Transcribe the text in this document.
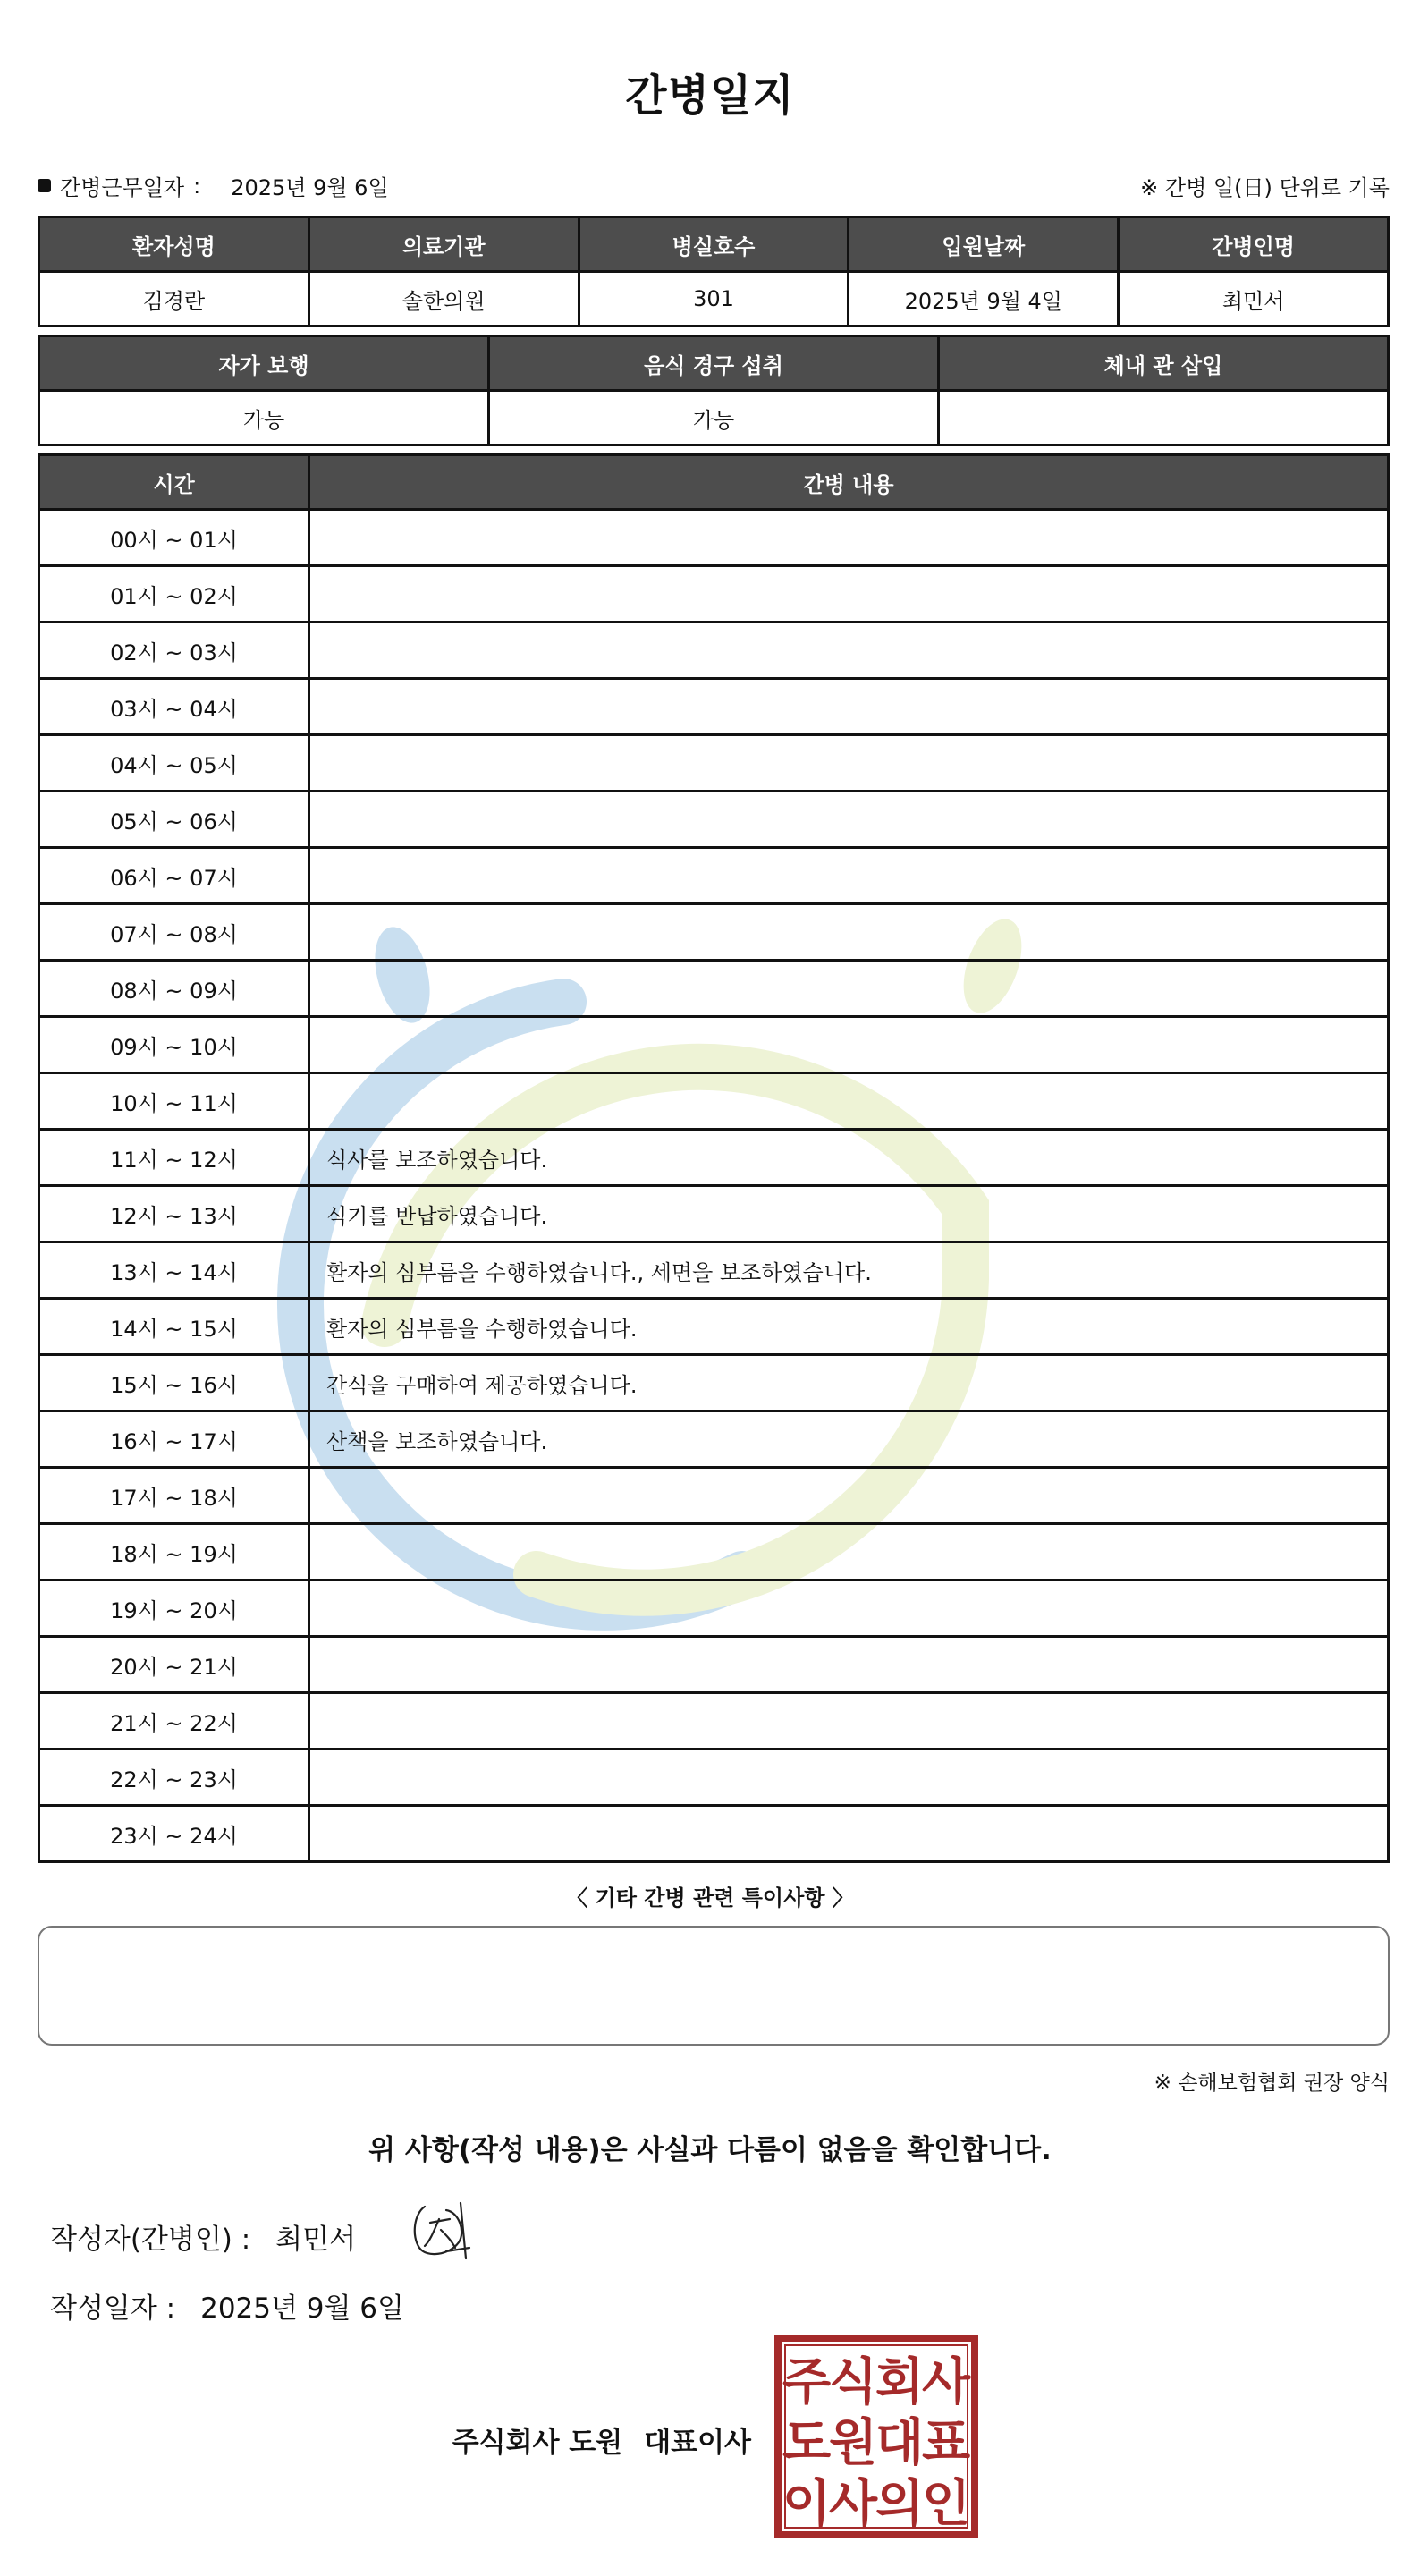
간병일지
간병근무일자 : 2025년 9월 6일	※ 간병 일(日) 단위로 기록
환자성명	의료기관	병실호수	입원날짜	간병인명
김경란	솔한의원	301	2025년 9월 4일	최민서
자가 보행	음식 경구 섭취	체내 관 삽입
가능	가능	
시간	간병 내용
00시 ~ 01시	
01시 ~ 02시	
02시 ~ 03시	
03시 ~ 04시	
04시 ~ 05시	
05시 ~ 06시	
06시 ~ 07시	
07시 ~ 08시	
08시 ~ 09시	
09시 ~ 10시	
10시 ~ 11시	
11시 ~ 12시	식사를 보조하였습니다.
12시 ~ 13시	식기를 반납하였습니다.
13시 ~ 14시	환자의 심부름을 수행하였습니다., 세면을 보조하였습니다.
14시 ~ 15시	환자의 심부름을 수행하였습니다.
15시 ~ 16시	간식을 구매하여 제공하였습니다.
16시 ~ 17시	산책을 보조하였습니다.
17시 ~ 18시	
18시 ~ 19시	
19시 ~ 20시	
20시 ~ 21시	
21시 ~ 22시	
22시 ~ 23시	
23시 ~ 24시	
〈 기타 간병 관련 특이사항 〉
※ 손해보험협회 권장 양식
위 사항(작성 내용)은 사실과 다름이 없음을 확인합니다.
작성자(간병인) : 최민서
작성일자 : 2025년 9월 6일
주식회사 도원 대표이사
주
식
회
사
도
원
대
표
이
사
의
인
